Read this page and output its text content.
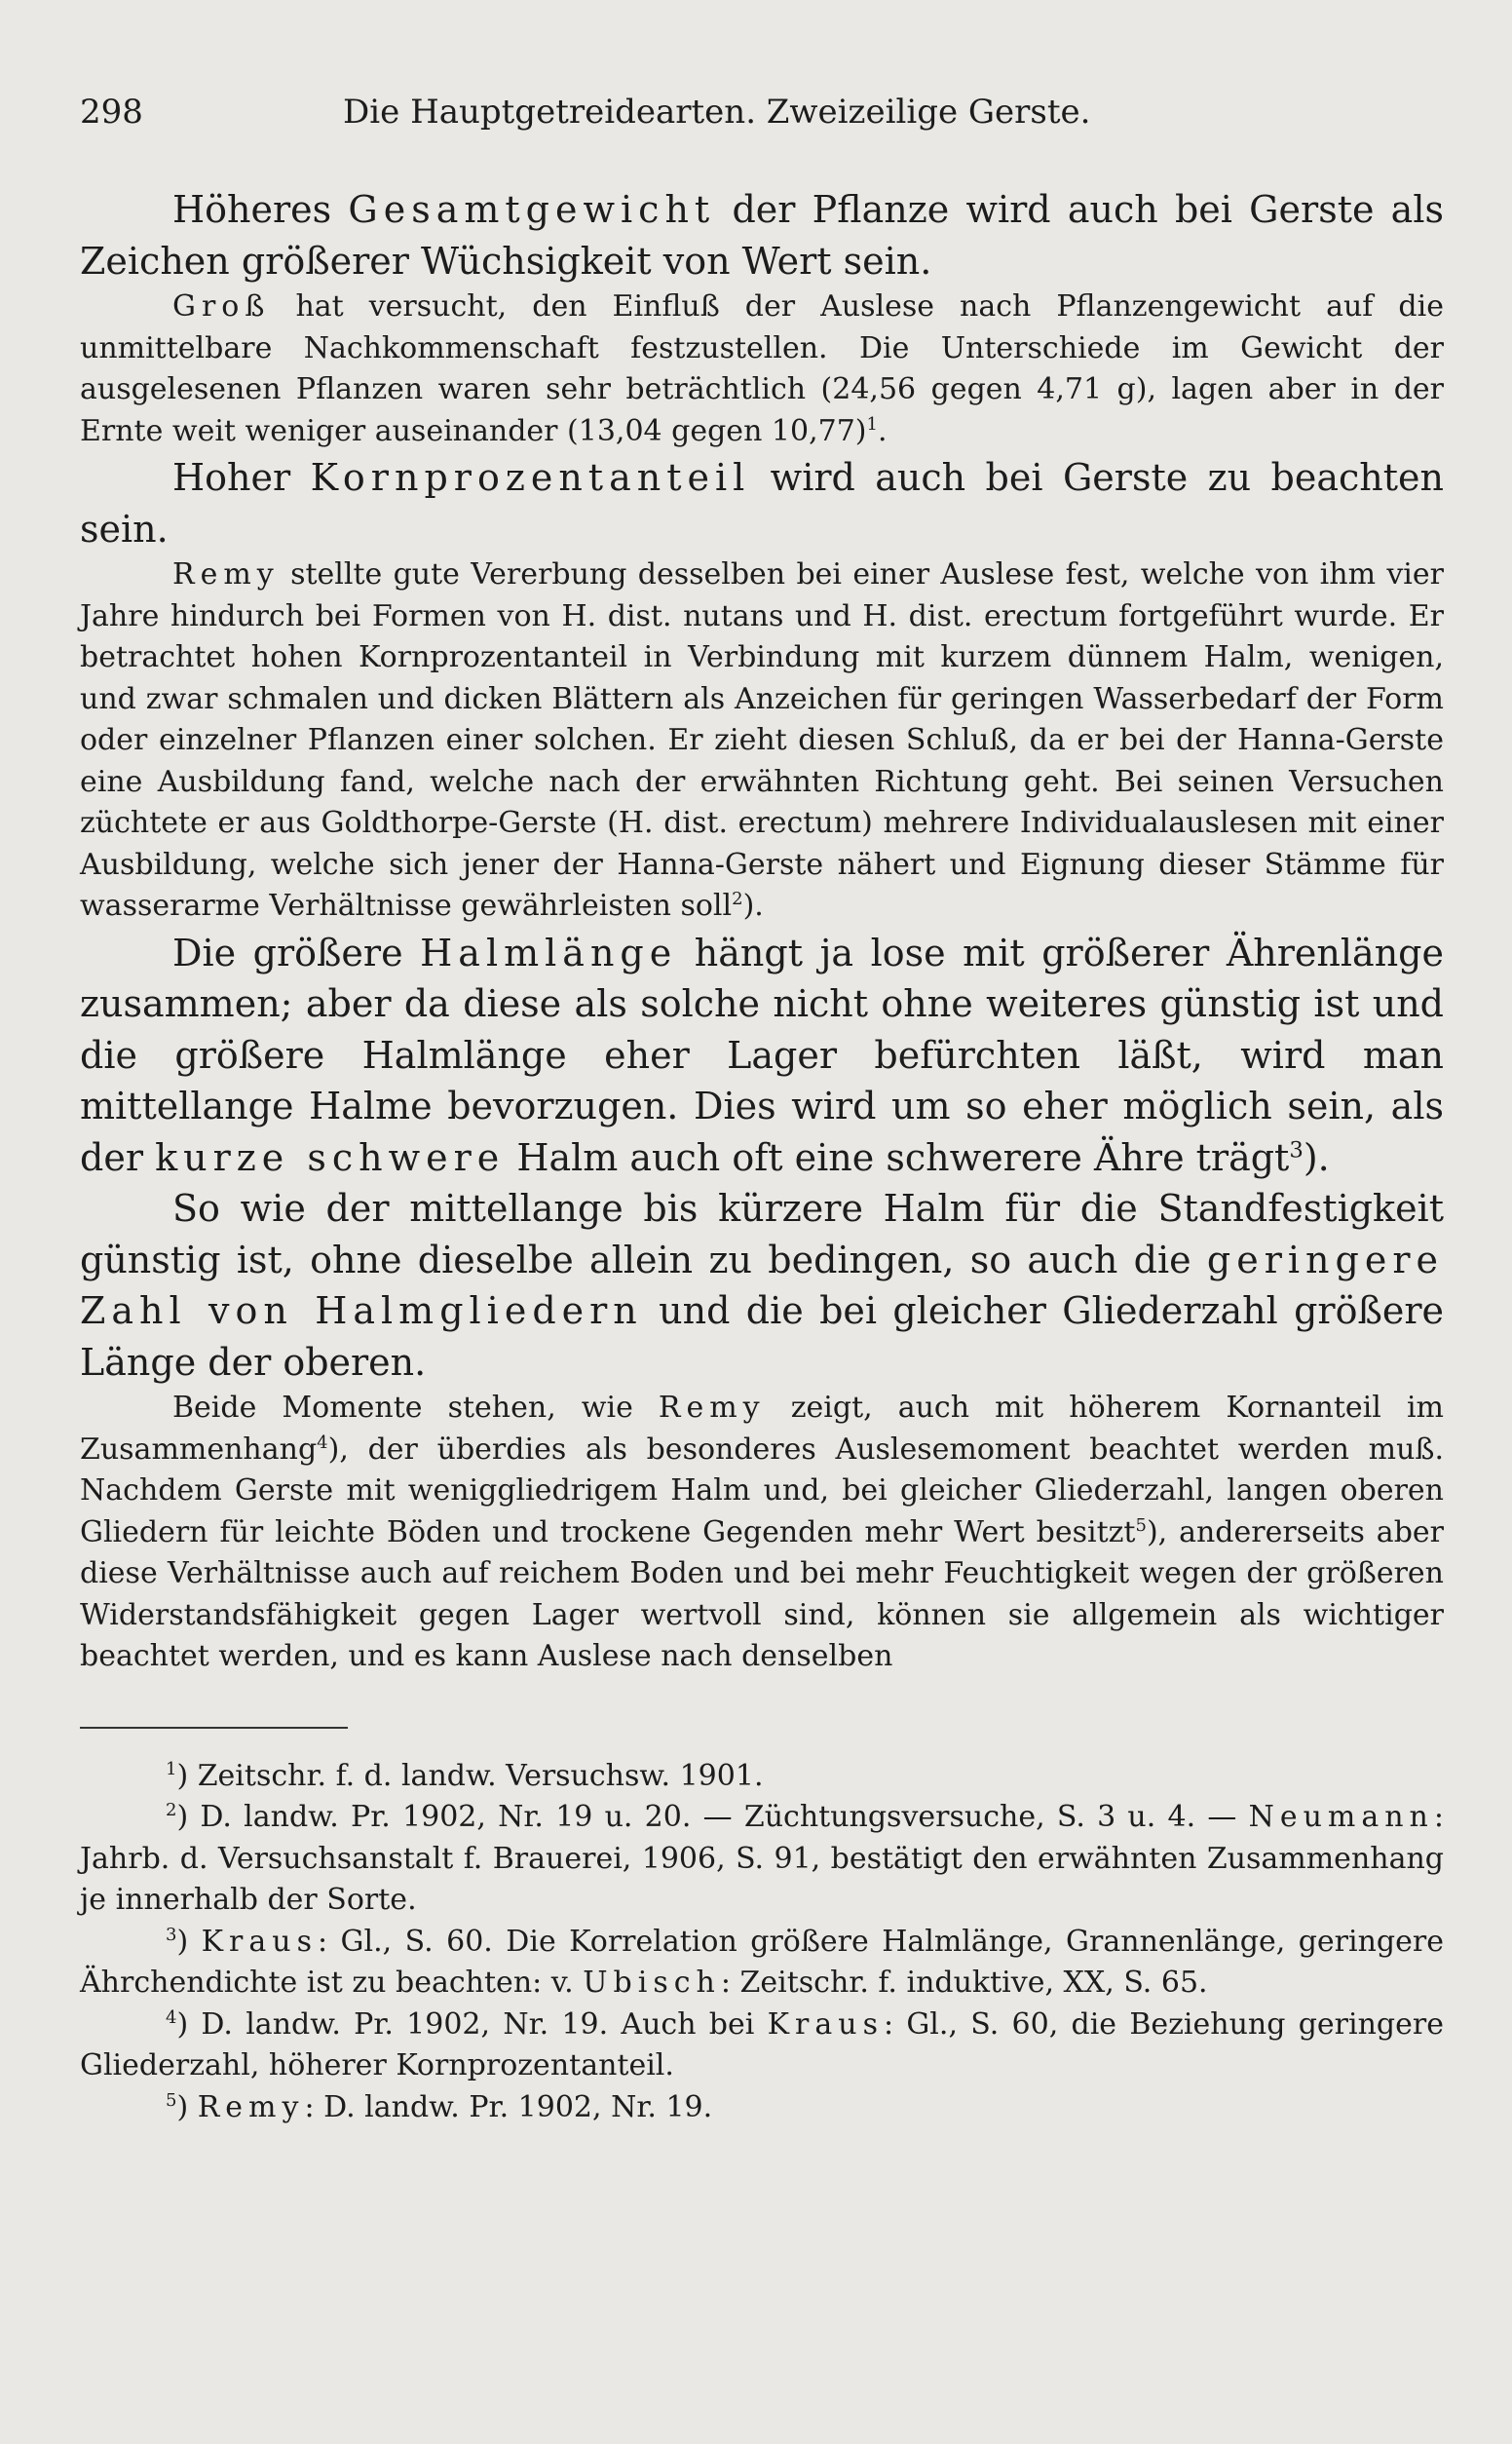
298	Die Hauptgetreidearten. Zweizeilige Gerste.

Höheres Gesamtgewicht der Pflanze wird auch bei Gerste als Zeichen größerer Wüchsigkeit von Wert sein.

Groß hat versucht, den Einfluß der Auslese nach Pflanzengewicht auf die unmittelbare Nachkommenschaft festzustellen. Die Unterschiede im Gewicht der ausgelesenen Pflanzen waren sehr beträchtlich (24,56 gegen 4,71 g), lagen aber in der Ernte weit weniger auseinander (13,04 gegen 10,77)$^1$.

Hoher Kornprozentanteil wird auch bei Gerste zu beachten sein.

Remy stellte gute Vererbung desselben bei einer Auslese fest, welche von ihm vier Jahre hindurch bei Formen von H. dist. nutans und H. dist. erectum fortgeführt wurde. Er betrachtet hohen Kornprozentanteil in Verbindung mit kurzem dünnem Halm, wenigen, und zwar schmalen und dicken Blättern als Anzeichen für geringen Wasserbedarf der Form oder einzelner Pflanzen einer solchen. Er zieht diesen Schluß, da er bei der Hanna-Gerste eine Ausbildung fand, welche nach der erwähnten Richtung geht. Bei seinen Versuchen züchtete er aus Goldthorpe-Gerste (H. dist. erectum) mehrere Individualauslesen mit einer Ausbildung, welche sich jener der Hanna-Gerste nähert und Eignung dieser Stämme für wasserarme Verhältnisse gewährleisten soll$^2$).

Die größere Halmlänge hängt ja lose mit größerer Ährenlänge zusammen; aber da diese als solche nicht ohne weiteres günstig ist und die größere Halmlänge eher Lager befürchten läßt, wird man mittellange Halme bevorzugen. Dies wird um so eher möglich sein, als der kurze schwere Halm auch oft eine schwerere Ähre trägt$^3$).

So wie der mittellange bis kürzere Halm für die Standfestigkeit günstig ist, ohne dieselbe allein zu bedingen, so auch die geringere Zahl von Halmgliedern und die bei gleicher Gliederzahl größere Länge der oberen.

Beide Momente stehen, wie Remy zeigt, auch mit höherem Kornanteil im Zusammenhang$^4$), der überdies als besonderes Auslesemoment beachtet werden muß. Nachdem Gerste mit weniggliedrigem Halm und, bei gleicher Gliederzahl, langen oberen Gliedern für leichte Böden und trockene Gegenden mehr Wert besitzt$^5$), andererseits aber diese Verhältnisse auch auf reichem Boden und bei mehr Feuchtigkeit wegen der größeren Widerstandsfähigkeit gegen Lager wertvoll sind, können sie allgemein als wichtiger beachtet werden, und es kann Auslese nach denselben

$^1$) Zeitschr. f. d. landw. Versuchsw. 1901.

$^2$) D. landw. Pr. 1902, Nr. 19 u. 20. — Züchtungsversuche, S. 3 u. 4. — Neumann: Jahrb. d. Versuchsanstalt f. Brauerei, 1906, S. 91, bestätigt den erwähnten Zusammenhang je innerhalb der Sorte.

$^3$) Kraus: Gl., S. 60. Die Korrelation größere Halmlänge, Grannenlänge, geringere Ährchendichte ist zu beachten: v. Ubisch: Zeitschr. f. induktive, XX, S. 65.

$^4$) D. landw. Pr. 1902, Nr. 19. Auch bei Kraus: Gl., S. 60, die Beziehung geringere Gliederzahl, höherer Kornprozentanteil.

$^5$) Remy: D. landw. Pr. 1902, Nr. 19.
